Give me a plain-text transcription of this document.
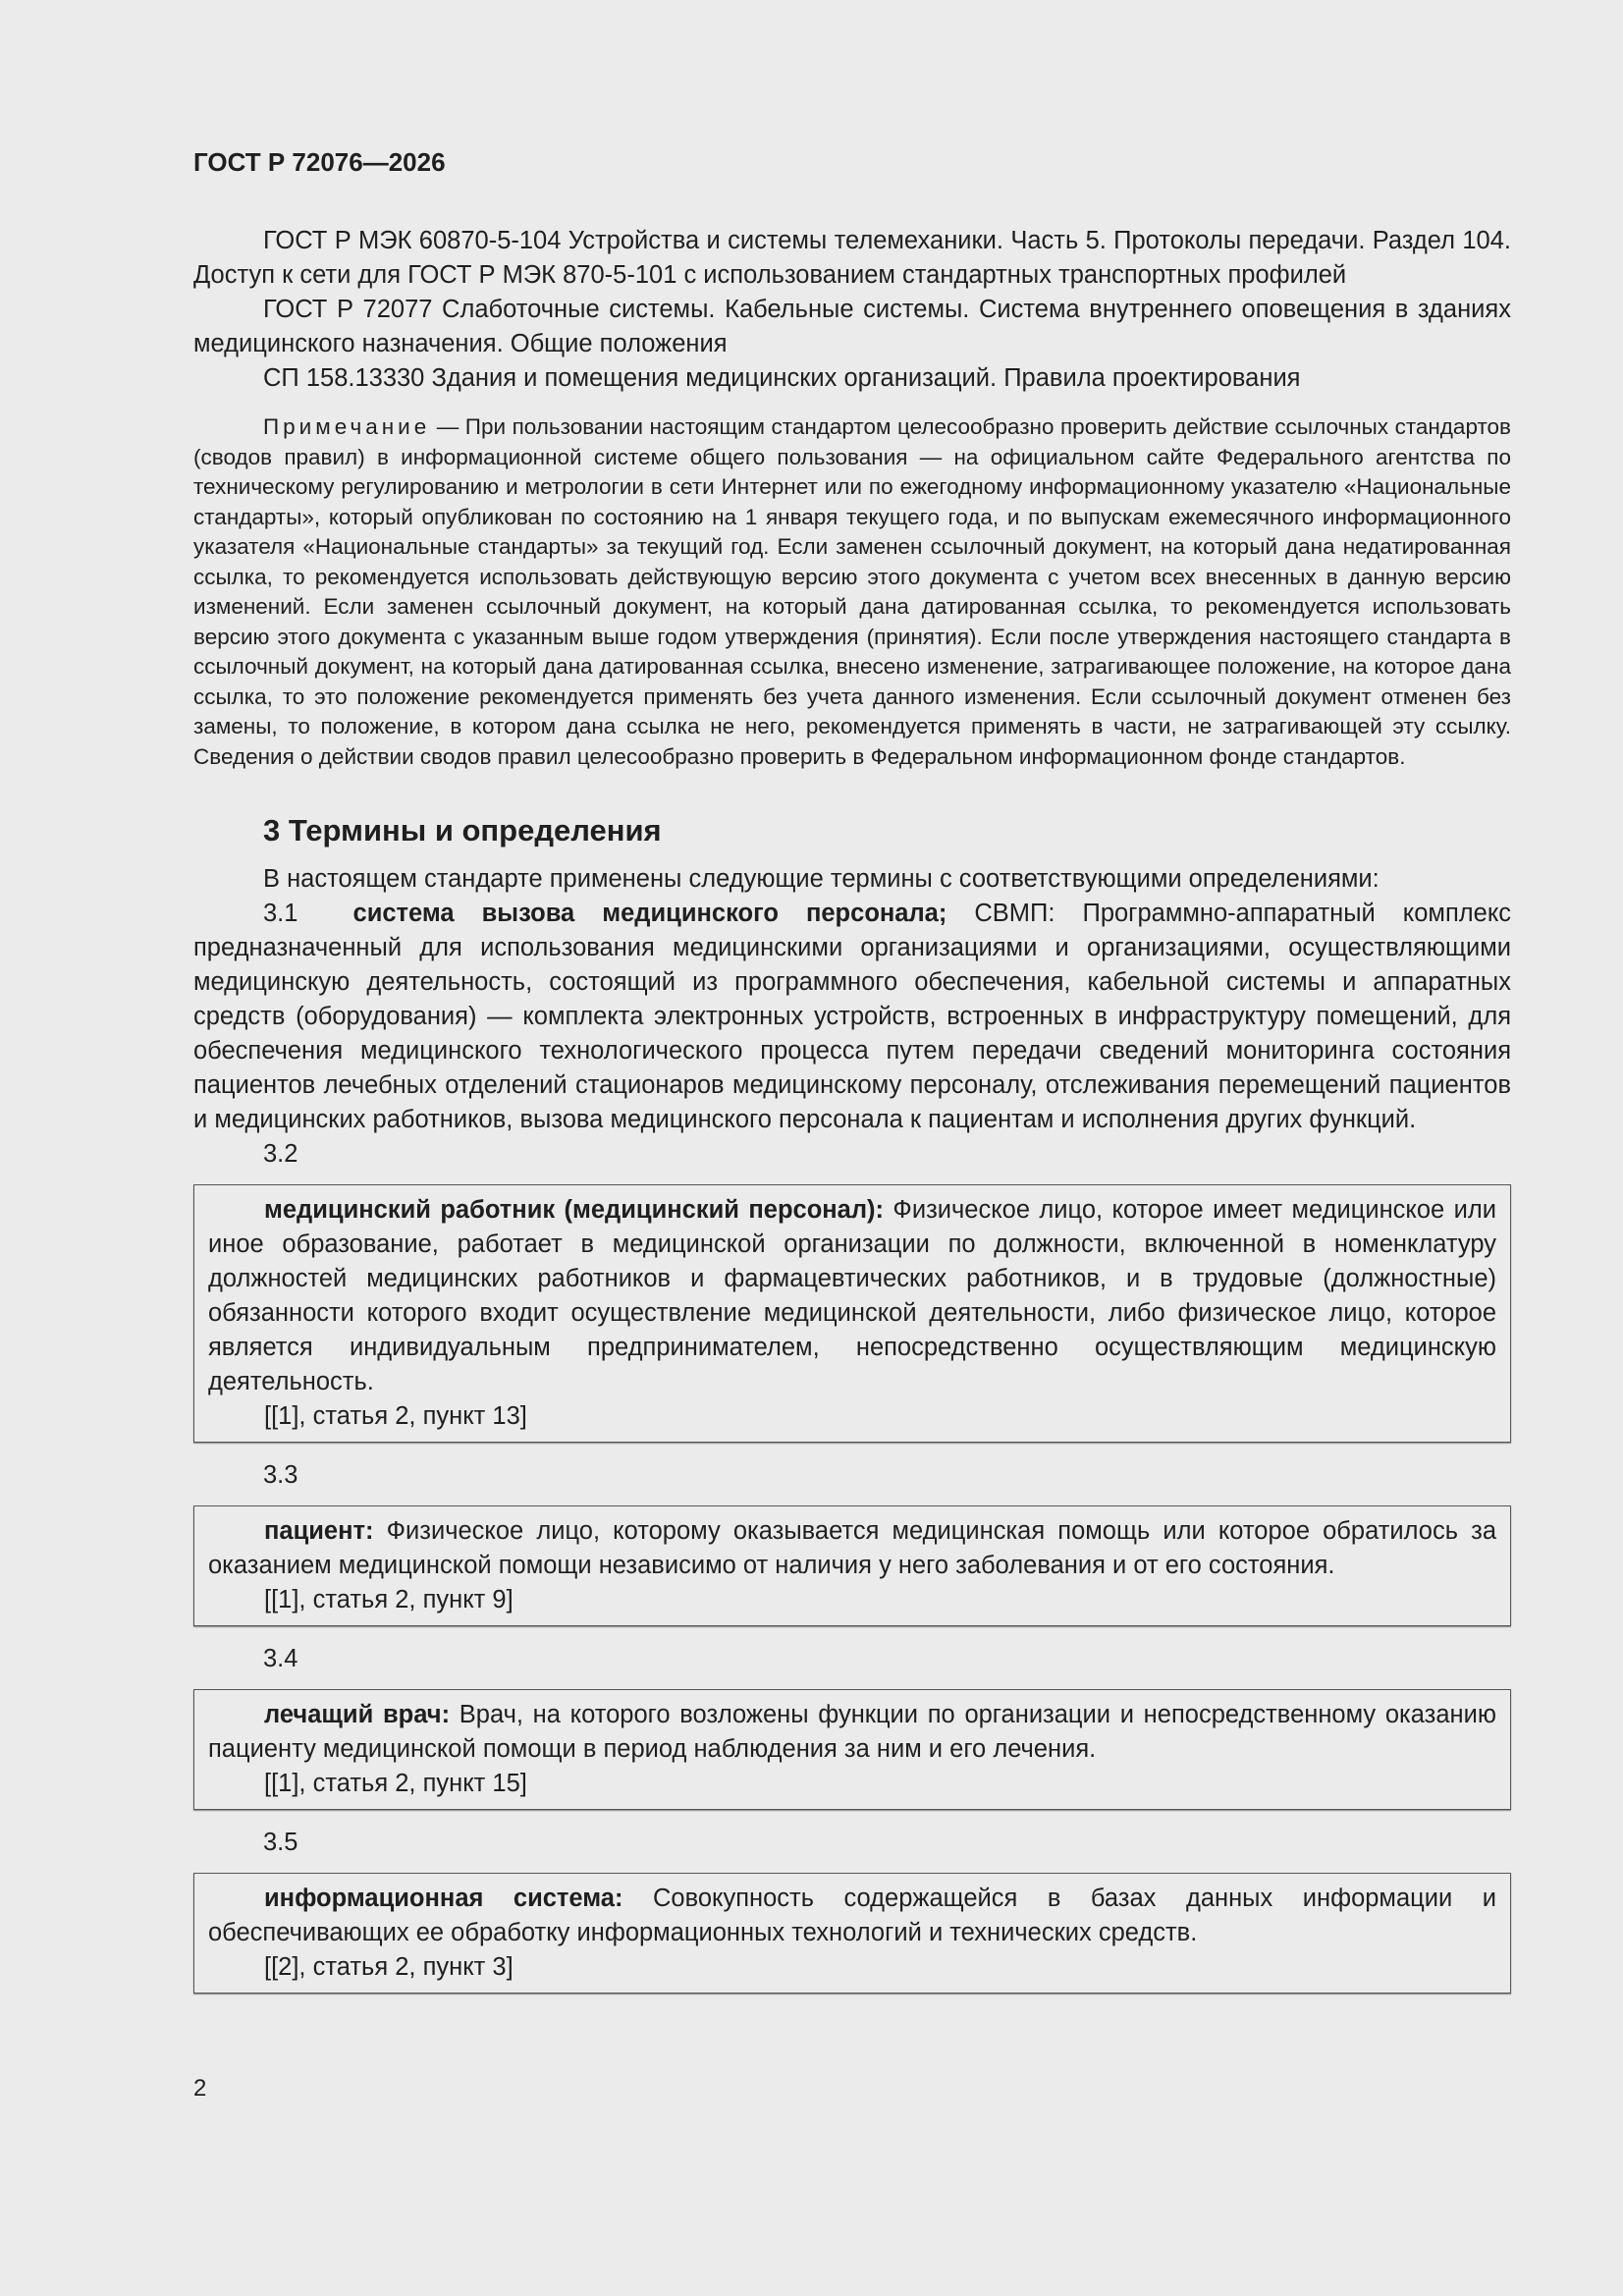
ГОСТ Р 72076—2026

ГОСТ Р МЭК 60870-5-104 Устройства и системы телемеханики. Часть 5. Протоколы передачи. Раздел 104. Доступ к сети для ГОСТ Р МЭК 870-5-101 с использованием стандартных транспортных профилей

ГОСТ Р 72077 Слаботочные системы. Кабельные системы. Система внутреннего оповещения в зданиях медицинского назначения. Общие положения

СП 158.13330 Здания и помещения медицинских организаций. Правила проектирования

Примечание — При пользовании настоящим стандартом целесообразно проверить действие ссылочных стандартов (сводов правил) в информационной системе общего пользования — на официальном сайте Федерального агентства по техническому регулированию и метрологии в сети Интернет или по ежегодному информационному указателю «Национальные стандарты», который опубликован по состоянию на 1 января текущего года, и по выпускам ежемесячного информационного указателя «Национальные стандарты» за текущий год. Если заменен ссылочный документ, на который дана недатированная ссылка, то рекомендуется использовать действующую версию этого документа с учетом всех внесенных в данную версию изменений. Если заменен ссылочный документ, на который дана датированная ссылка, то рекомендуется использовать версию этого документа с указанным выше годом утверждения (принятия). Если после утверждения настоящего стандарта в ссылочный документ, на который дана датированная ссылка, внесено изменение, затрагивающее положение, на которое дана ссылка, то это положение рекомендуется применять без учета данного изменения. Если ссылочный документ отменен без замены, то положение, в котором дана ссылка не него, рекомендуется применять в части, не затрагивающей эту ссылку. Сведения о действии сводов правил целесообразно проверить в Федеральном информационном фонде стандартов.
3 Термины и определения

В настоящем стандарте применены следующие термины с соответствующими определениями:

3.1 система вызова медицинского персонала; СВМП: Программно-аппаратный комплекс предназначенный для использования медицинскими организациями и организациями, осуществляющими медицинскую деятельность, состоящий из программного обеспечения, кабельной системы и аппаратных средств (оборудования) — комплекта электронных устройств, встроенных в инфраструктуру помещений, для обеспечения медицинского технологического процесса путем передачи сведений мониторинга состояния пациентов лечебных отделений стационаров медицинскому персоналу, отслеживания перемещений пациентов и медицинских работников, вызова медицинского персонала к пациентам и исполнения других функций.

3.2

медицинский работник (медицинский персонал): Физическое лицо, которое имеет медицинское или иное образование, работает в медицинской организации по должности, включенной в номенклатуру должностей медицинских работников и фармацевтических работников, и в трудовые (должностные) обязанности которого входит осуществление медицинской деятельности, либо физическое лицо, которое является индивидуальным предпринимателем, непосредственно осуществляющим медицинскую деятельность.

[[1], статья 2, пункт 13]

3.3

пациент: Физическое лицо, которому оказывается медицинская помощь или которое обратилось за оказанием медицинской помощи независимо от наличия у него заболевания и от его состояния.

[[1], статья 2, пункт 9]

3.4

лечащий врач: Врач, на которого возложены функции по организации и непосредственному оказанию пациенту медицинской помощи в период наблюдения за ним и его лечения.

[[1], статья 2, пункт 15]

3.5

информационная система: Совокупность содержащейся в базах данных информации и обеспечивающих ее обработку информационных технологий и технических средств.

[[2], статья 2, пункт 3]
2
